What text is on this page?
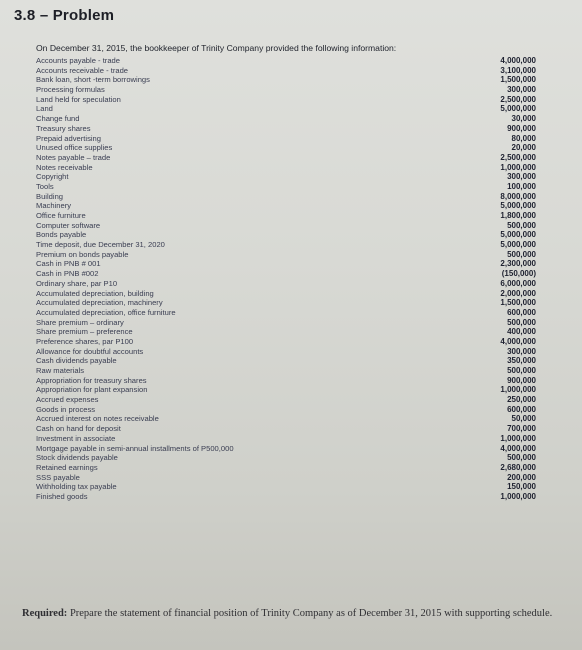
3.8 – Problem
On December 31, 2015, the bookkeeper of Trinity Company provided the following information:
Accounts payable - trade	4,000,000
Accounts receivable - trade	3,100,000
Bank loan, short -term borrowings	1,500,000
Processing formulas	300,000
Land held for speculation	2,500,000
Land	5,000,000
Change fund	30,000
Treasury shares	900,000
Prepaid advertising	80,000
Unused office supplies	20,000
Notes payable – trade	2,500,000
Notes receivable	1,000,000
Copyright	300,000
Tools	100,000
Building	8,000,000
Machinery	5,000,000
Office furniture	1,800,000
Computer software	500,000
Bonds payable	5,000,000
Time deposit, due December 31, 2020	5,000,000
Premium on bonds payable	500,000
Cash in PNB # 001	2,300,000
Cash in PNB #002	(150,000)
Ordinary share, par P10	6,000,000
Accumulated depreciation, building	2,000,000
Accumulated depreciation, machinery	1,500,000
Accumulated depreciation, office furniture	600,000
Share premium – ordinary	500,000
Share premium – preference	400,000
Preference shares, par P100	4,000,000
Allowance for doubtful accounts	300,000
Cash dividends payable	350,000
Raw materials	500,000
Appropriation for treasury shares	900,000
Appropriation for plant expansion	1,000,000
Accrued expenses	250,000
Goods in process	600,000
Accrued interest on notes receivable	50,000
Cash on hand for deposit	700,000
Investment in associate	1,000,000
Mortgage payable in semi-annual installments of P500,000	4,000,000
Stock dividends payable	500,000
Retained earnings	2,680,000
SSS payable	200,000
Withholding tax payable	150,000
Finished goods	1,000,000
Required: Prepare the statement of financial position of Trinity Company as of December 31, 2015 with supporting schedule.
